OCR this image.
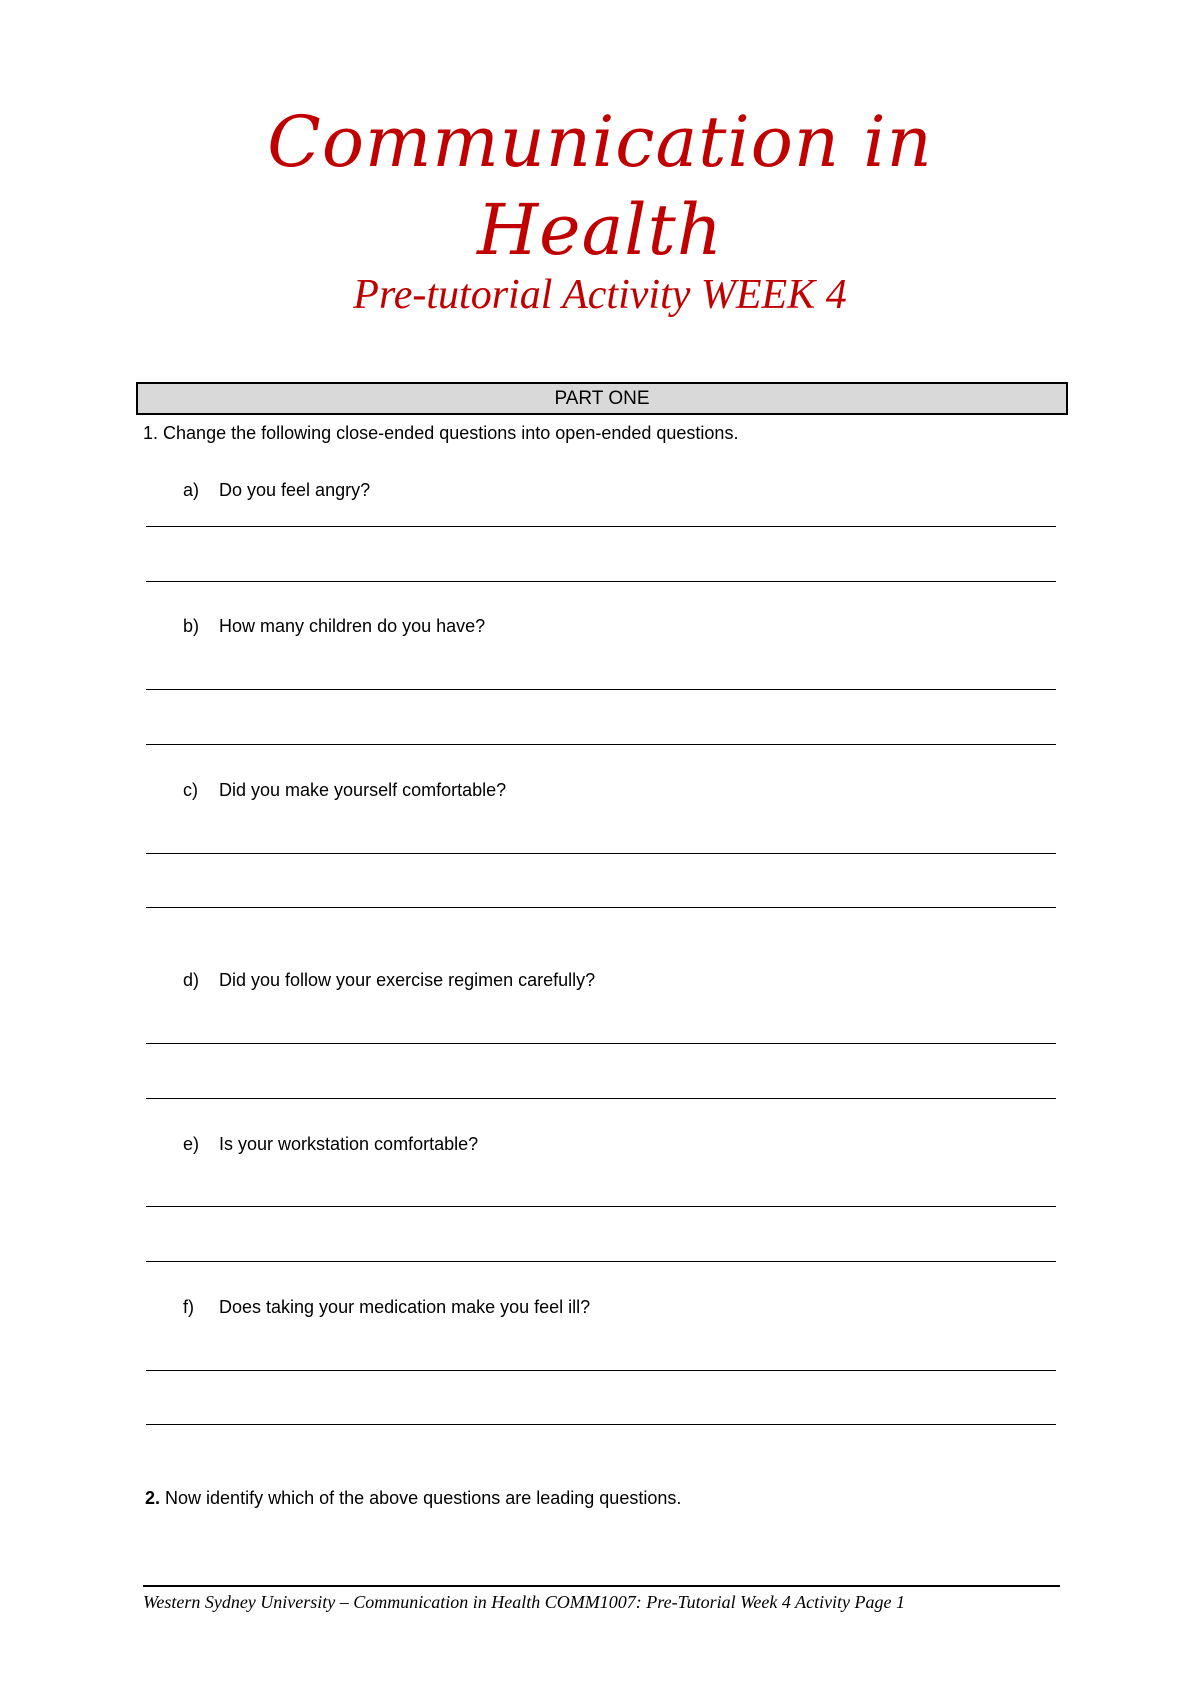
Communication in
Health
Pre-tutorial Activity WEEK 4
PART ONE
1. Change the following close-ended questions into open-ended questions.
a) Do you feel angry?
b) How many children do you have?
c) Did you make yourself comfortable?
d) Did you follow your exercise regimen carefully?
e) Is your workstation comfortable?
f) Does taking your medication make you feel ill?
2. Now identify which of the above questions are leading questions.
Western Sydney University – Communication in Health COMM1007: Pre-Tutorial Week 4 Activity Page 1
